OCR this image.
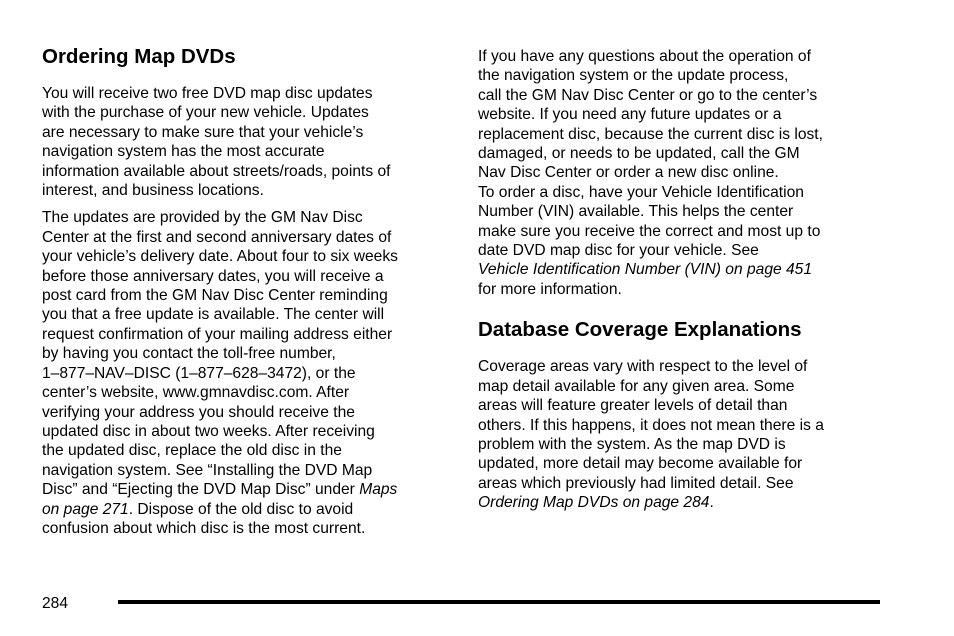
Ordering Map DVDs

You will receive two free DVD map disc updates
with the purchase of your new vehicle. Updates
are necessary to make sure that your vehicle’s
navigation system has the most accurate
information available about streets/roads, points of
interest, and business locations.

The updates are provided by the GM Nav Disc
Center at the first and second anniversary dates of
your vehicle’s delivery date. About four to six weeks
before those anniversary dates, you will receive a
post card from the GM Nav Disc Center reminding
you that a free update is available. The center will
request confirmation of your mailing address either
by having you contact the toll-free number,
1–877–NAV–DISC (1–877–628–3472), or the
center’s website, www.gmnavdisc.com. After
verifying your address you should receive the
updated disc in about two weeks. After receiving
the updated disc, replace the old disc in the
navigation system. See “Installing the DVD Map
Disc” and “Ejecting the DVD Map Disc” under Maps
on page 271. Dispose of the old disc to avoid
confusion about which disc is the most current.

If you have any questions about the operation of
the navigation system or the update process,
call the GM Nav Disc Center or go to the center’s
website. If you need any future updates or a
replacement disc, because the current disc is lost,
damaged, or needs to be updated, call the GM
Nav Disc Center or order a new disc online.
To order a disc, have your Vehicle Identification
Number (VIN) available. This helps the center
make sure you receive the correct and most up to
date DVD map disc for your vehicle. See
Vehicle Identification Number (VIN) on page 451
for more information.

Database Coverage Explanations

Coverage areas vary with respect to the level of
map detail available for any given area. Some
areas will feature greater levels of detail than
others. If this happens, it does not mean there is a
problem with the system. As the map DVD is
updated, more detail may become available for
areas which previously had limited detail. See
Ordering Map DVDs on page 284.

284
